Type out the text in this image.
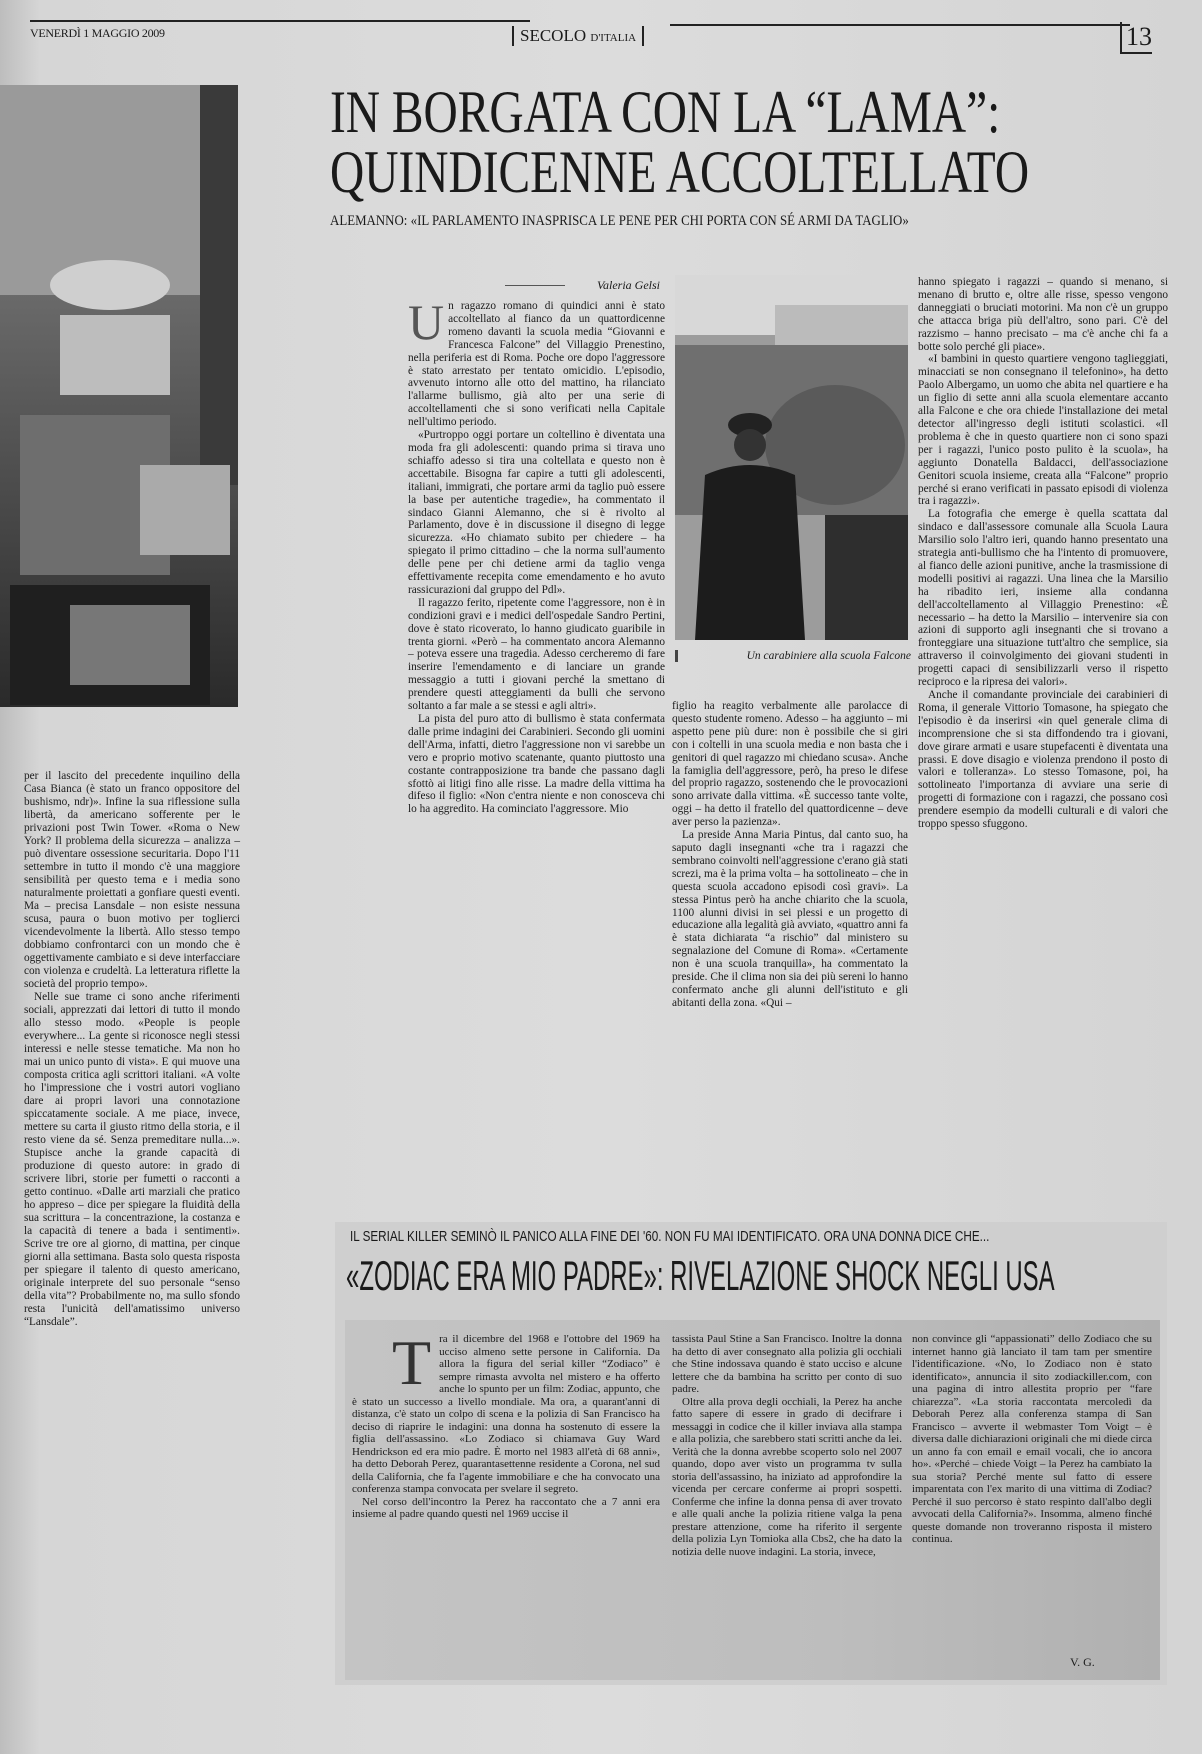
VENERDÌ 1 MAGGIO 2009	SECOLO D'ITALIA	13
IN BORGATA CON LA “LAMA”:
QUINDICENNE ACCOLTELLATO
ALEMANNO: «IL PARLAMENTO INASPRISCA LE PENE PER CHI PORTA CON SÉ ARMI DA TAGLIO»
Valeria Gelsi

Un ragazzo romano di quindici anni è stato accoltellato al fianco da un quattordicenne romeno davanti la scuola media “Giovanni e Francesca Falcone” del Villaggio Prenestino, nella periferia est di Roma. Poche ore dopo l'aggressore è stato arrestato per tentato omicidio. L'episodio, avvenuto intorno alle otto del mattino, ha rilanciato l'allarme bullismo, già alto per una serie di accoltellamenti che si sono verificati nella Capitale nell'ultimo periodo.

«Purtroppo oggi portare un coltellino è diventata una moda fra gli adolescenti: quando prima si tirava uno schiaffo adesso si tira una coltellata e questo non è accettabile. Bisogna far capire a tutti gli adolescenti, italiani, immigrati, che portare armi da taglio può essere la base per autentiche tragedie», ha commentato il sindaco Gianni Alemanno, che si è rivolto al Parlamento, dove è in discussione il disegno di legge sicurezza. «Ho chiamato subito per chiedere – ha spiegato il primo cittadino – che la norma sull'aumento delle pene per chi detiene armi da taglio venga effettivamente recepita come emendamento e ho avuto rassicurazioni dal gruppo del Pdl».

Il ragazzo ferito, ripetente come l'aggressore, non è in condizioni gravi e i medici dell'ospedale Sandro Pertini, dove è stato ricoverato, lo hanno giudicato guaribile in trenta giorni. «Però – ha commentato ancora Alemanno – poteva essere una tragedia. Adesso cercheremo di fare inserire l'emendamento e di lanciare un grande messaggio a tutti i giovani perché la smettano di prendere questi atteggiamenti da bulli che servono soltanto a far male a se stessi e agli altri».

La pista del puro atto di bullismo è stata confermata dalle prime indagini dei Carabinieri. Secondo gli uomini dell'Arma, infatti, dietro l'aggressione non vi sarebbe un vero e proprio motivo scatenante, quanto piuttosto una costante contrapposizione tra bande che passano dagli sfottò ai litigi fino alle risse. La madre della vittima ha difeso il figlio: «Non c'entra niente e non conosceva chi lo ha aggredito. Ha cominciato l'aggressore. Mio

Un carabiniere alla scuola Falcone

figlio ha reagito verbalmente alle parolacce di questo studente romeno. Adesso – ha aggiunto – mi aspetto pene più dure: non è possibile che si giri con i coltelli in una scuola media e non basta che i genitori di quel ragazzo mi chiedano scusa». Anche la famiglia dell'aggressore, però, ha preso le difese del proprio ragazzo, sostenendo che le provocazioni sono arrivate dalla vittima. «È successo tante volte, oggi – ha detto il fratello del quattordicenne – deve aver perso la pazienza».

La preside Anna Maria Pintus, dal canto suo, ha saputo dagli insegnanti «che tra i ragazzi che sembrano coinvolti nell'aggressione c'erano già stati screzi, ma è la prima volta – ha sottolineato – che in questa scuola accadono episodi così gravi». La stessa Pintus però ha anche chiarito che la scuola, 1100 alunni divisi in sei plessi e un progetto di educazione alla legalità già avviato, «quattro anni fa è stata dichiarata “a rischio” dal ministero su segnalazione del Comune di Roma». «Certamente non è una scuola tranquilla», ha commentato la preside. Che il clima non sia dei più sereni lo hanno confermato anche gli alunni dell'istituto e gli abitanti della zona. «Qui –

hanno spiegato i ragazzi – quando si menano, si menano di brutto e, oltre alle risse, spesso vengono danneggiati o bruciati motorini. Ma non c'è un gruppo che attacca briga più dell'altro, sono pari. C'è del razzismo – hanno precisato – ma c'è anche chi fa a botte solo perché gli piace».

«I bambini in questo quartiere vengono taglieggiati, minacciati se non consegnano il telefonino», ha detto Paolo Albergamo, un uomo che abita nel quartiere e ha un figlio di sette anni alla scuola elementare accanto alla Falcone e che ora chiede l'installazione dei metal detector all'ingresso degli istituti scolastici. «Il problema è che in questo quartiere non ci sono spazi per i ragazzi, l'unico posto pulito è la scuola», ha aggiunto Donatella Baldacci, dell'associazione Genitori scuola insieme, creata alla “Falcone” proprio perché si erano verificati in passato episodi di violenza tra i ragazzi».

La fotografia che emerge è quella scattata dal sindaco e dall'assessore comunale alla Scuola Laura Marsilio solo l'altro ieri, quando hanno presentato una strategia anti-bullismo che ha l'intento di promuovere, al fianco delle azioni punitive, anche la trasmissione di modelli positivi ai ragazzi. Una linea che la Marsilio ha ribadito ieri, insieme alla condanna dell'accoltellamento al Villaggio Prenestino: «È necessario – ha detto la Marsilio – intervenire sia con azioni di supporto agli insegnanti che si trovano a fronteggiare una situazione tutt'altro che semplice, sia attraverso il coinvolgimento dei giovani studenti in progetti capaci di sensibilizzarli verso il rispetto reciproco e la ripresa dei valori».

Anche il comandante provinciale dei carabinieri di Roma, il generale Vittorio Tomasone, ha spiegato che l'episodio è da inserirsi «in quel generale clima di incomprensione che si sta diffondendo tra i giovani, dove girare armati e usare stupefacenti è diventata una prassi. E dove disagio e violenza prendono il posto di valori e tolleranza». Lo stesso Tomasone, poi, ha sottolineato l'importanza di avviare una serie di progetti di formazione con i ragazzi, che possano così prendere esempio da modelli culturali e di valori che troppo spesso sfuggono.

per il lascito del precedente inquilino della Casa Bianca (è stato un franco oppositore del bushismo, ndr)». Infine la sua riflessione sulla libertà, da americano sofferente per le privazioni post Twin Tower. «Roma o New York? Il problema della sicurezza – analizza – può diventare ossessione securitaria. Dopo l'11 settembre in tutto il mondo c'è una maggiore sensibilità per questo tema e i media sono naturalmente proiettati a gonfiare questi eventi. Ma – precisa Lansdale – non esiste nessuna scusa, paura o buon motivo per toglierci vicendevolmente la libertà. Allo stesso tempo dobbiamo confrontarci con un mondo che è oggettivamente cambiato e si deve interfacciare con violenza e crudeltà. La letteratura riflette la società del proprio tempo».

Nelle sue trame ci sono anche riferimenti sociali, apprezzati dai lettori di tutto il mondo allo stesso modo. «People is people everywhere... La gente si riconosce negli stessi interessi e nelle stesse tematiche. Ma non ho mai un unico punto di vista». E qui muove una composta critica agli scrittori italiani. «A volte ho l'impressione che i vostri autori vogliano dare ai propri lavori una connotazione spiccatamente sociale. A me piace, invece, mettere su carta il giusto ritmo della storia, e il resto viene da sé. Senza premeditare nulla...». Stupisce anche la grande capacità di produzione di questo autore: in grado di scrivere libri, storie per fumetti o racconti a getto continuo. «Dalle arti marziali che pratico ho appreso – dice per spiegare la fluidità della sua scrittura – la concentrazione, la costanza e la capacità di tenere a bada i sentimenti». Scrive tre ore al giorno, di mattina, per cinque giorni alla settimana. Basta solo questa risposta per spiegare il talento di questo americano, originale interprete del suo personale “senso della vita”? Probabilmente no, ma sullo sfondo resta l'unicità dell'amatissimo universo “Lansdale”.

IL SERIAL KILLER SEMINÒ IL PANICO ALLA FINE DEI '60. NON FU MAI IDENTIFICATO. ORA UNA DONNA DICE CHE...
«ZODIAC ERA MIO PADRE»: RIVELAZIONE SHOCK NEGLI USA

Tra il dicembre del 1968 e l'ottobre del 1969 ha ucciso almeno sette persone in California. Da allora la figura del serial killer “Zodiaco” è sempre rimasta avvolta nel mistero e ha offerto anche lo spunto per un film: Zodiac, appunto, che è stato un successo a livello mondiale. Ma ora, a quarant'anni di distanza, c'è stato un colpo di scena e la polizia di San Francisco ha deciso di riaprire le indagini: una donna ha sostenuto di essere la figlia dell'assassino. «Lo Zodiaco si chiamava Guy Ward Hendrickson ed era mio padre. È morto nel 1983 all'età di 68 anni», ha detto Deborah Perez, quarantasettenne residente a Corona, nel sud della California, che fa l'agente immobiliare e che ha convocato una conferenza stampa convocata per svelare il segreto.

Nel corso dell'incontro la Perez ha raccontato che a 7 anni era insieme al padre quando questi nel 1969 uccise il

tassista Paul Stine a San Francisco. Inoltre la donna ha detto di aver consegnato alla polizia gli occhiali che Stine indossava quando è stato ucciso e alcune lettere che da bambina ha scritto per conto di suo padre.

Oltre alla prova degli occhiali, la Perez ha anche fatto sapere di essere in grado di decifrare i messaggi in codice che il killer inviava alla stampa e alla polizia, che sarebbero stati scritti anche da lei. Verità che la donna avrebbe scoperto solo nel 2007 quando, dopo aver visto un programma tv sulla storia dell'assassino, ha iniziato ad approfondire la vicenda per cercare conferme ai propri sospetti. Conferme che infine la donna pensa di aver trovato e alle quali anche la polizia ritiene valga la pena prestare attenzione, come ha riferito il sergente della polizia Lyn Tomioka alla Cbs2, che ha dato la notizia delle nuove indagini. La storia, invece,

non convince gli “appassionati” dello Zodiaco che su internet hanno già lanciato il tam tam per smentire l'identificazione. «No, lo Zodiaco non è stato identificato», annuncia il sito zodiackiller.com, con una pagina di intro allestita proprio per “fare chiarezza”. «La storia raccontata mercoledì da Deborah Perez alla conferenza stampa di San Francisco – avverte il webmaster Tom Voigt – è diversa dalle dichiarazioni originali che mi diede circa un anno fa con email e email vocali, che io ancora ho». «Perché – chiede Voigt – la Perez ha cambiato la sua storia? Perché mente sul fatto di essere imparentata con l'ex marito di una vittima di Zodiac? Perché il suo percorso è stato respinto dall'albo degli avvocati della California?». Insomma, almeno finché queste domande non troveranno risposta il mistero continua.

V. G.
